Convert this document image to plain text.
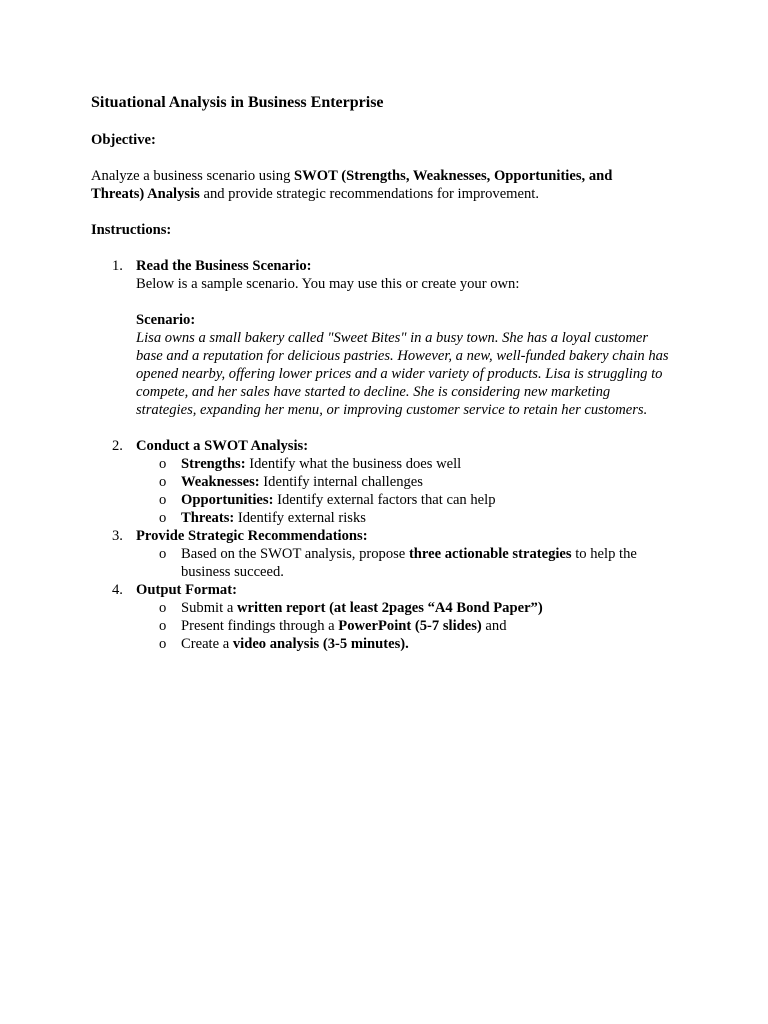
Situational Analysis in Business Enterprise
Objective:
Analyze a business scenario using SWOT (Strengths, Weaknesses, Opportunities, and Threats) Analysis and provide strategic recommendations for improvement.
Instructions:
1. Read the Business Scenario:
Below is a sample scenario. You may use this or create your own:
Scenario:
Lisa owns a small bakery called "Sweet Bites" in a busy town. She has a loyal customer base and a reputation for delicious pastries. However, a new, well-funded bakery chain has opened nearby, offering lower prices and a wider variety of products. Lisa is struggling to compete, and her sales have started to decline. She is considering new marketing strategies, expanding her menu, or improving customer service to retain her customers.
2. Conduct a SWOT Analysis:
o Strengths: Identify what the business does well
o Weaknesses: Identify internal challenges
o Opportunities: Identify external factors that can help
o Threats: Identify external risks
3. Provide Strategic Recommendations:
o Based on the SWOT analysis, propose three actionable strategies to help the business succeed.
4. Output Format:
o Submit a written report (at least 2pages “A4 Bond Paper”)
o Present findings through a PowerPoint (5-7 slides) and
o Create a video analysis (3-5 minutes).
